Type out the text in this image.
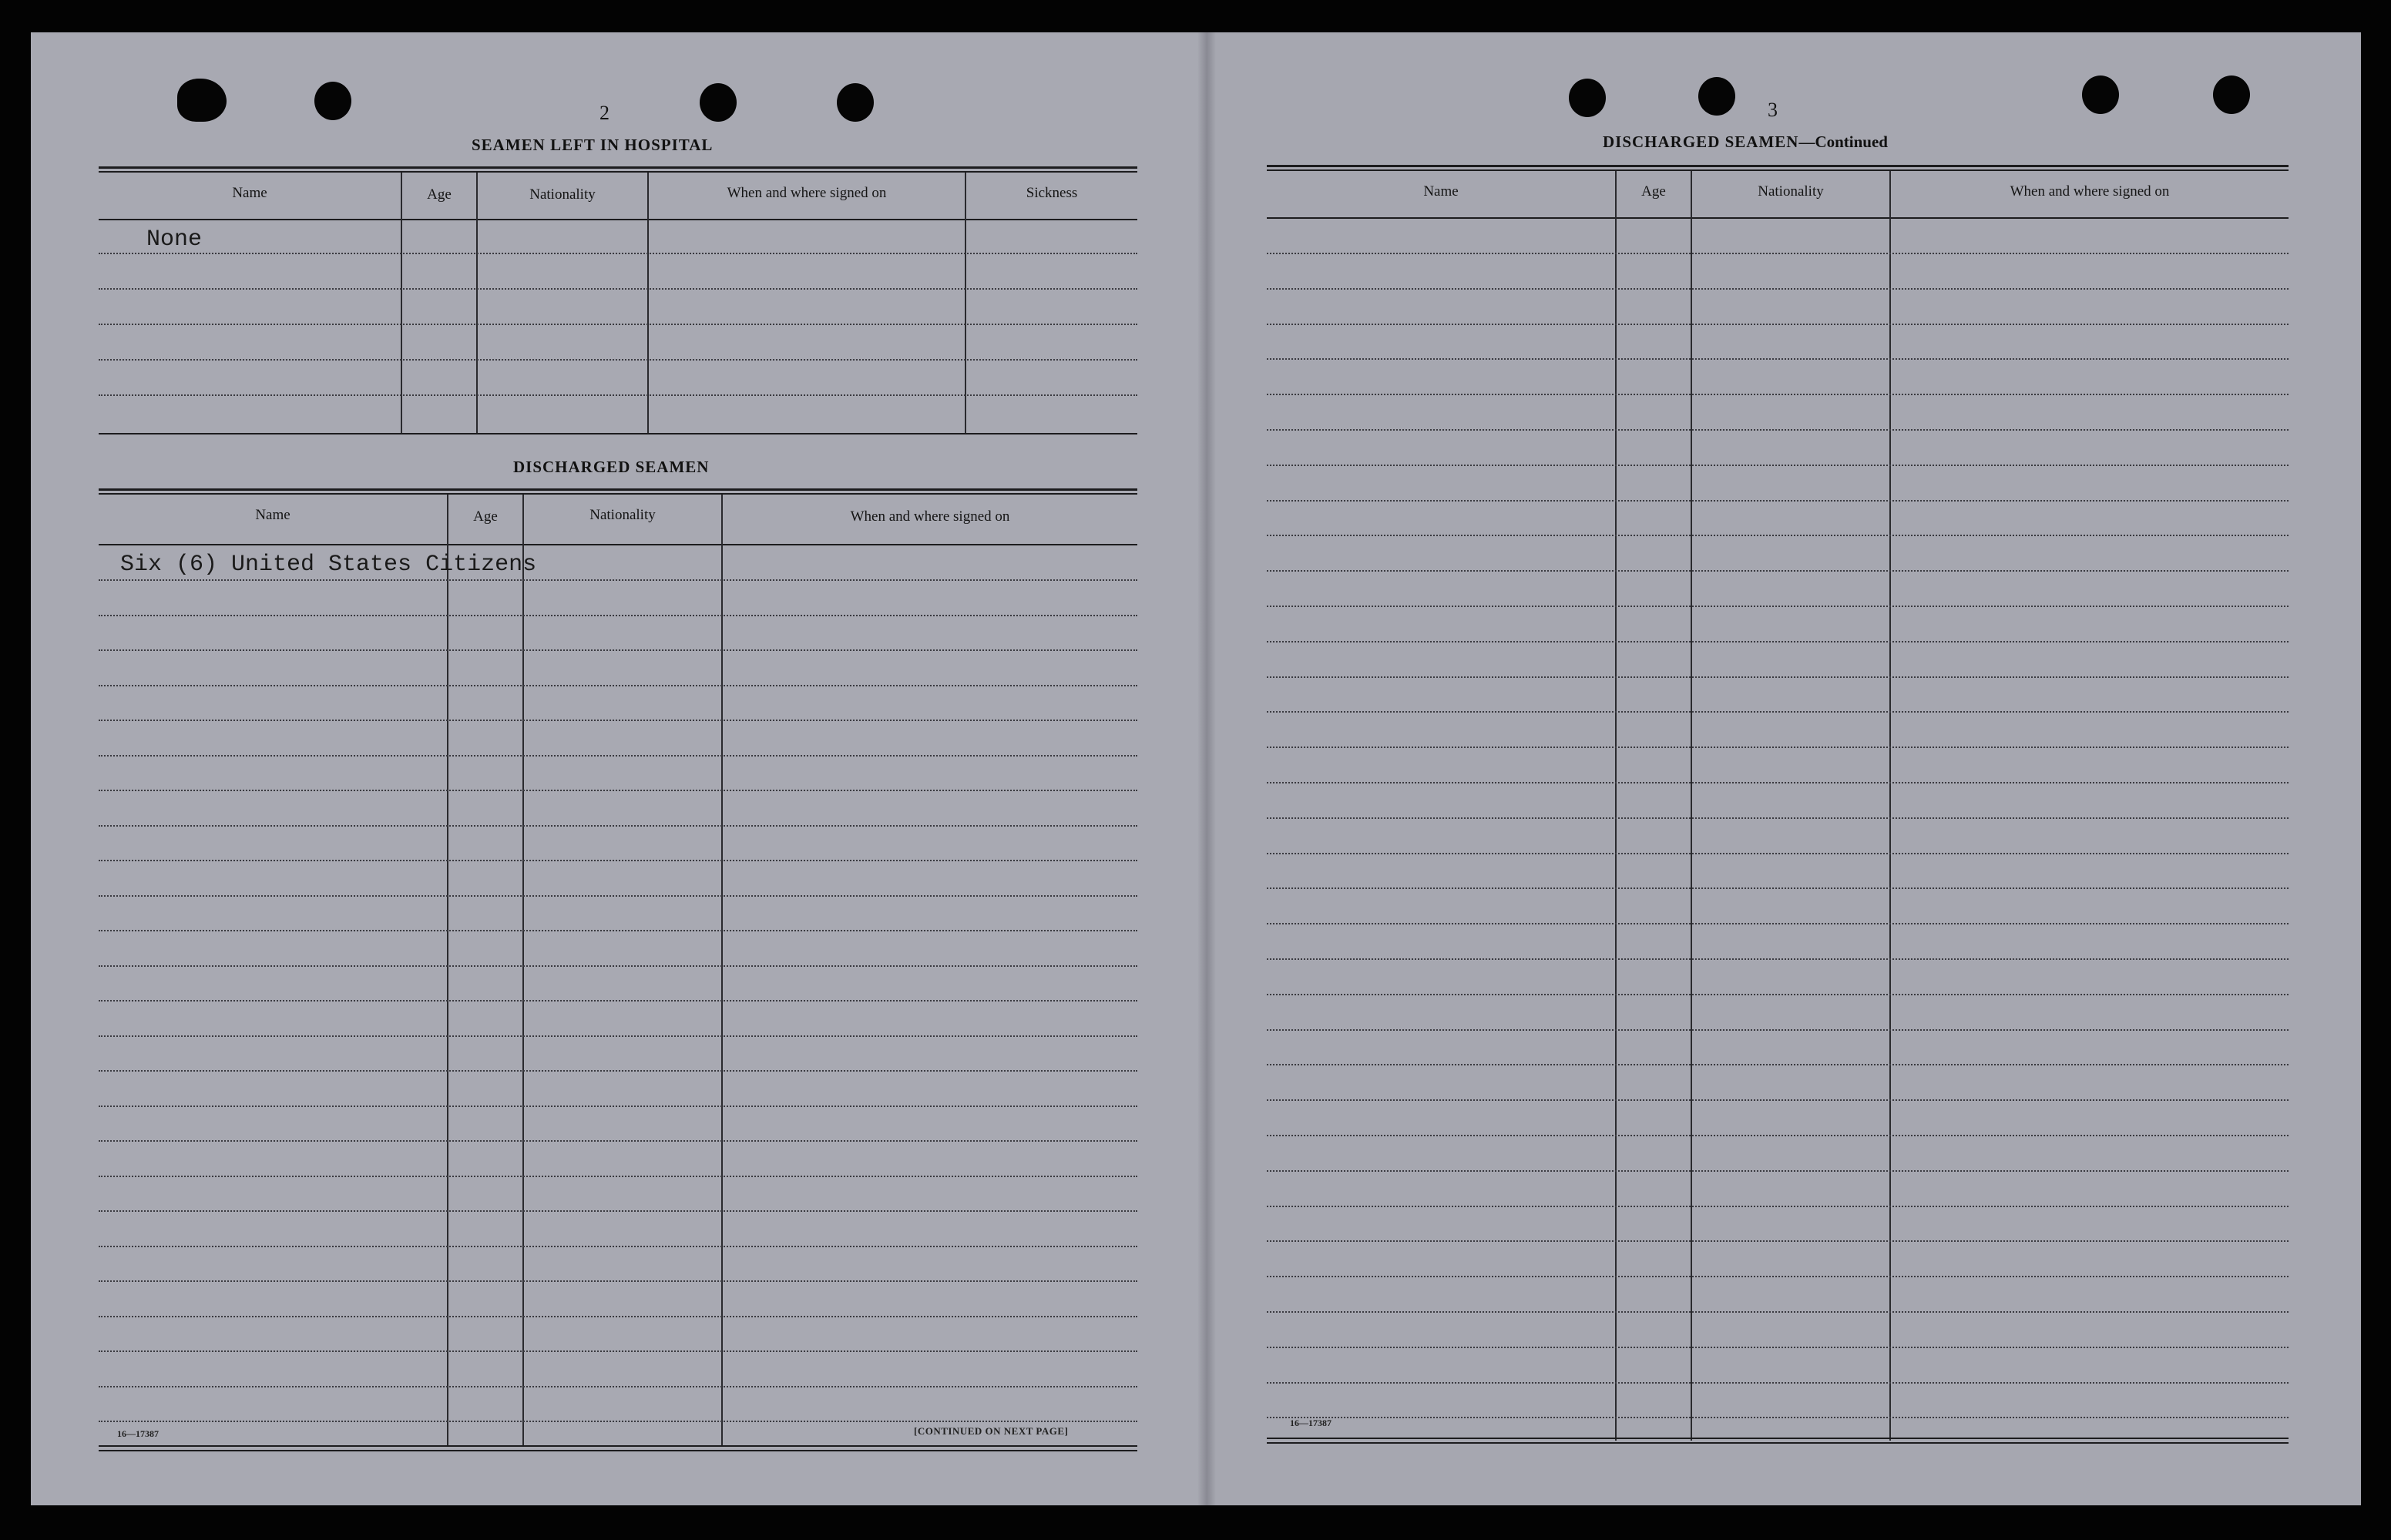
2
SEAMEN LEFT IN HOSPITAL
Name	Age	Nationality	When and where signed on	Sickness
None
DISCHARGED SEAMEN
Name	Age	Nationality	When and where signed on
Six (6) United States Citizens
16—17387	[CONTINUED ON NEXT PAGE]
3
DISCHARGED SEAMEN—Continued
Name	Age	Nationality	When and where signed on
16—17387
